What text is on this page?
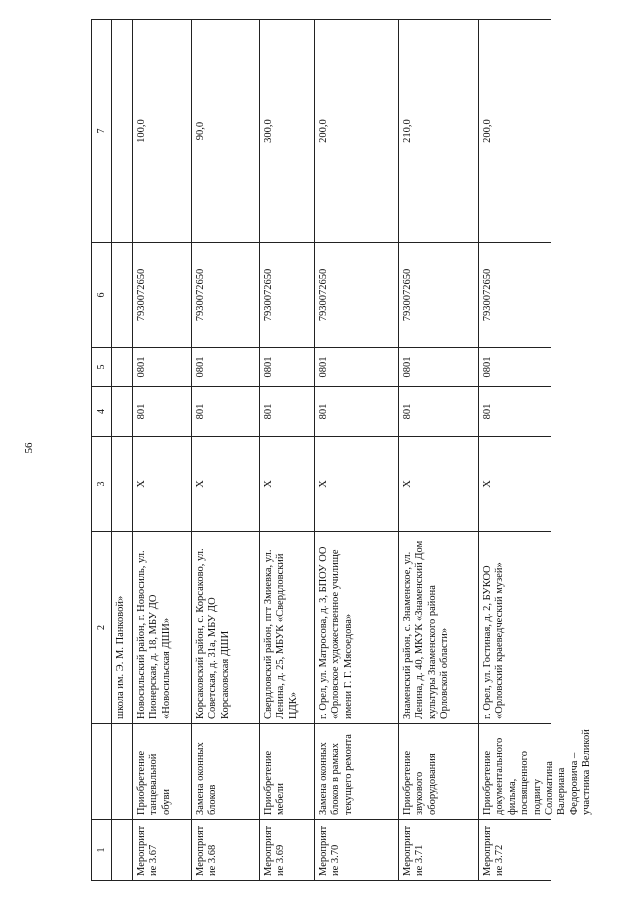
56
1
2
3
4
5
6
7
школа им. Э. М. Панковой»
Мероприятие 3.67
Приобретение танцевальной обуви
Новосильский район, г. Новосиль, ул. Пионерская, д. 18, МБУ ДО «Новосильская ДШИ»
Х
801
0801
7930072650
100,0
Мероприятие 3.68
Замена оконных блоков
Корсаковский район, с. Корсаково, ул. Советская, д. 31а, МБУ ДО Корсаковская ДШИ
Х
801
0801
7930072650
90,0
Мероприятие 3.69
Приобретение мебели
Свердловский район, пгт Змиевка, ул. Ленина, д. 25, МБУК «Свердловский ЦДК»
Х
801
0801
7930072650
300,0
Мероприятие 3.70
Замена оконных блоков в рамках текущего ремонта
г. Орел, ул. Матросова, д. 3, БПОУ ОО «Орловское художественное училище имени Г. Г. Мясоедова»
Х
801
0801
7930072650
200,0
Мероприятие 3.71
Приобретение звукового оборудования
Знаменский район, с. Знаменское, ул. Ленина, д. 40, МКУК «Знаменский Дом культуры Знаменского района Орловской области»
Х
801
0801
7930072650
210,0
Мероприятие 3.72
Приобретение документального фильма, посвященного подвигу Соломатина Валериана Федоровича – участника Великой
г. Орел, ул. Гостиная, д. 2, БУКОО «Орловский краеведческий музей»
Х
801
0801
7930072650
200,0
